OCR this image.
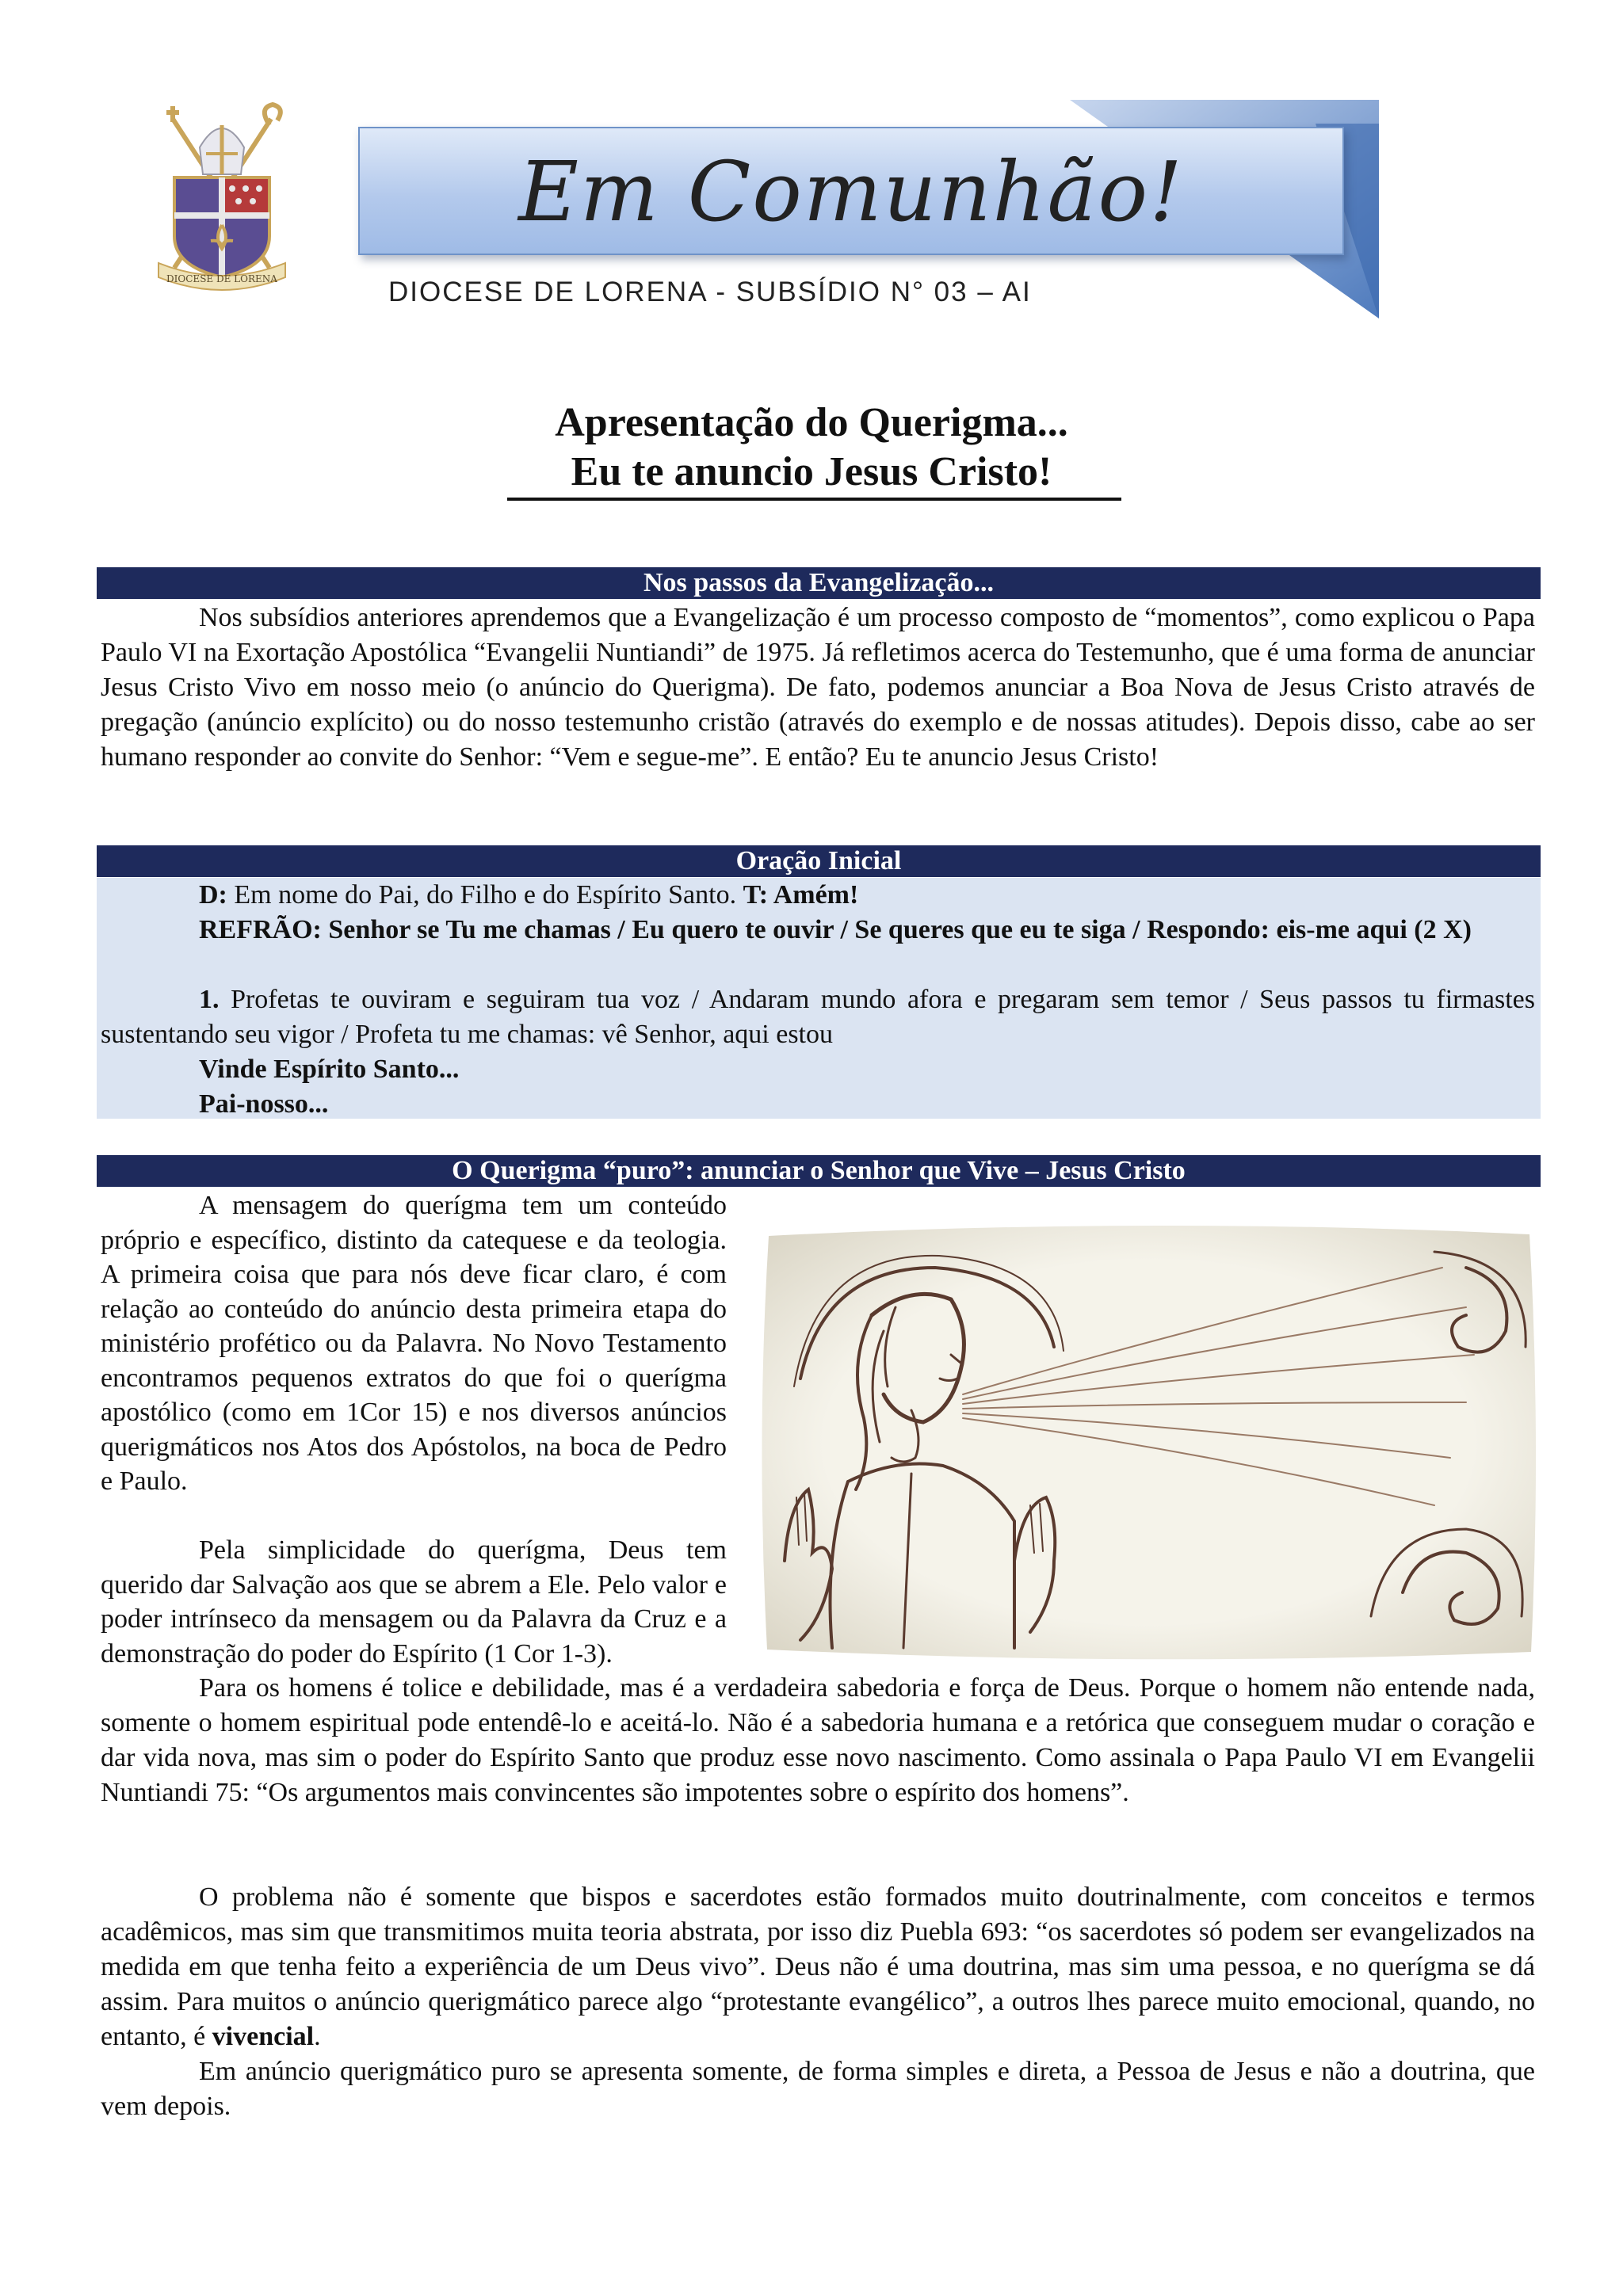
DIOCESE DE LORENA
Em Comunhão!
DIOCESE DE LORENA - SUBSÍDIO N° 03 – AI
Apresentação do Querigma...
Eu te anuncio Jesus Cristo!
Nos passos da Evangelização...

Nos subsídios anteriores aprendemos que a Evangelização é um processo composto de “momentos”, como explicou o Papa Paulo VI na Exortação Apostólica “Evangelii Nuntiandi” de 1975. Já refletimos acerca do Testemunho, que é uma forma de anunciar Jesus Cristo Vivo em nosso meio (o anúncio do Querigma). De fato, podemos anunciar a Boa Nova de Jesus Cristo através de pregação (anúncio explícito) ou do nosso testemunho cristão (através do exemplo e de nossas atitudes). Depois disso, cabe ao ser humano responder ao convite do Senhor: “Vem e segue-me”. E então? Eu te anuncio Jesus Cristo!

Oração Inicial

D: Em nome do Pai, do Filho e do Espírito Santo. T: Amém!

REFRÃO: Senhor se Tu me chamas / Eu quero te ouvir / Se queres que eu te siga / Respondo: eis-me aqui (2 X)

1. Profetas te ouviram e seguiram tua voz / Andaram mundo afora e pregaram sem temor / Seus passos tu firmastes sustentando seu vigor / Profeta tu me chamas: vê Senhor, aqui estou

Vinde Espírito Santo...

Pai-nosso...

O Querigma “puro”: anunciar o Senhor que Vive – Jesus Cristo

A mensagem do querígma tem um conteúdo próprio e específico, distinto da catequese e da teologia. A primeira coisa que para nós deve ficar claro, é com relação ao conteúdo do anúncio desta primeira etapa do ministério profético ou da Palavra. No Novo Testamento encontramos pequenos extratos do que foi o querígma apostólico (como em 1Cor 15) e nos diversos anúncios querigmáticos nos Atos dos Apóstolos, na boca de Pedro e Paulo.

Pela simplicidade do querígma, Deus tem querido dar Salvação aos que se abrem a Ele. Pelo valor e poder intrínseco da mensagem ou da Palavra da Cruz e a demonstração do poder do Espírito (1 Cor 1-3).

Para os homens é tolice e debilidade, mas é a verdadeira sabedoria e força de Deus. Porque o homem não entende nada, somente o homem espiritual pode entendê-lo e aceitá-lo. Não é a sabedoria humana e a retórica que conseguem mudar o coração e dar vida nova, mas sim o poder do Espírito Santo que produz esse novo nascimento. Como assinala o Papa Paulo VI em Evangelii Nuntiandi 75: “Os argumentos mais convincentes são impotentes sobre o espírito dos homens”.

O problema não é somente que bispos e sacerdotes estão formados muito doutrinalmente, com conceitos e termos acadêmicos, mas sim que transmitimos muita teoria abstrata, por isso diz Puebla 693: “os sacerdotes só podem ser evangelizados na medida em que tenha feito a experiência de um Deus vivo”. Deus não é uma doutrina, mas sim uma pessoa, e no querígma se dá assim. Para muitos o anúncio querigmático parece algo “protestante evangélico”, a outros lhes parece muito emocional, quando, no entanto, é vivencial.

Em anúncio querigmático puro se apresenta somente, de forma simples e direta, a Pessoa de Jesus e não a doutrina, que vem depois.
